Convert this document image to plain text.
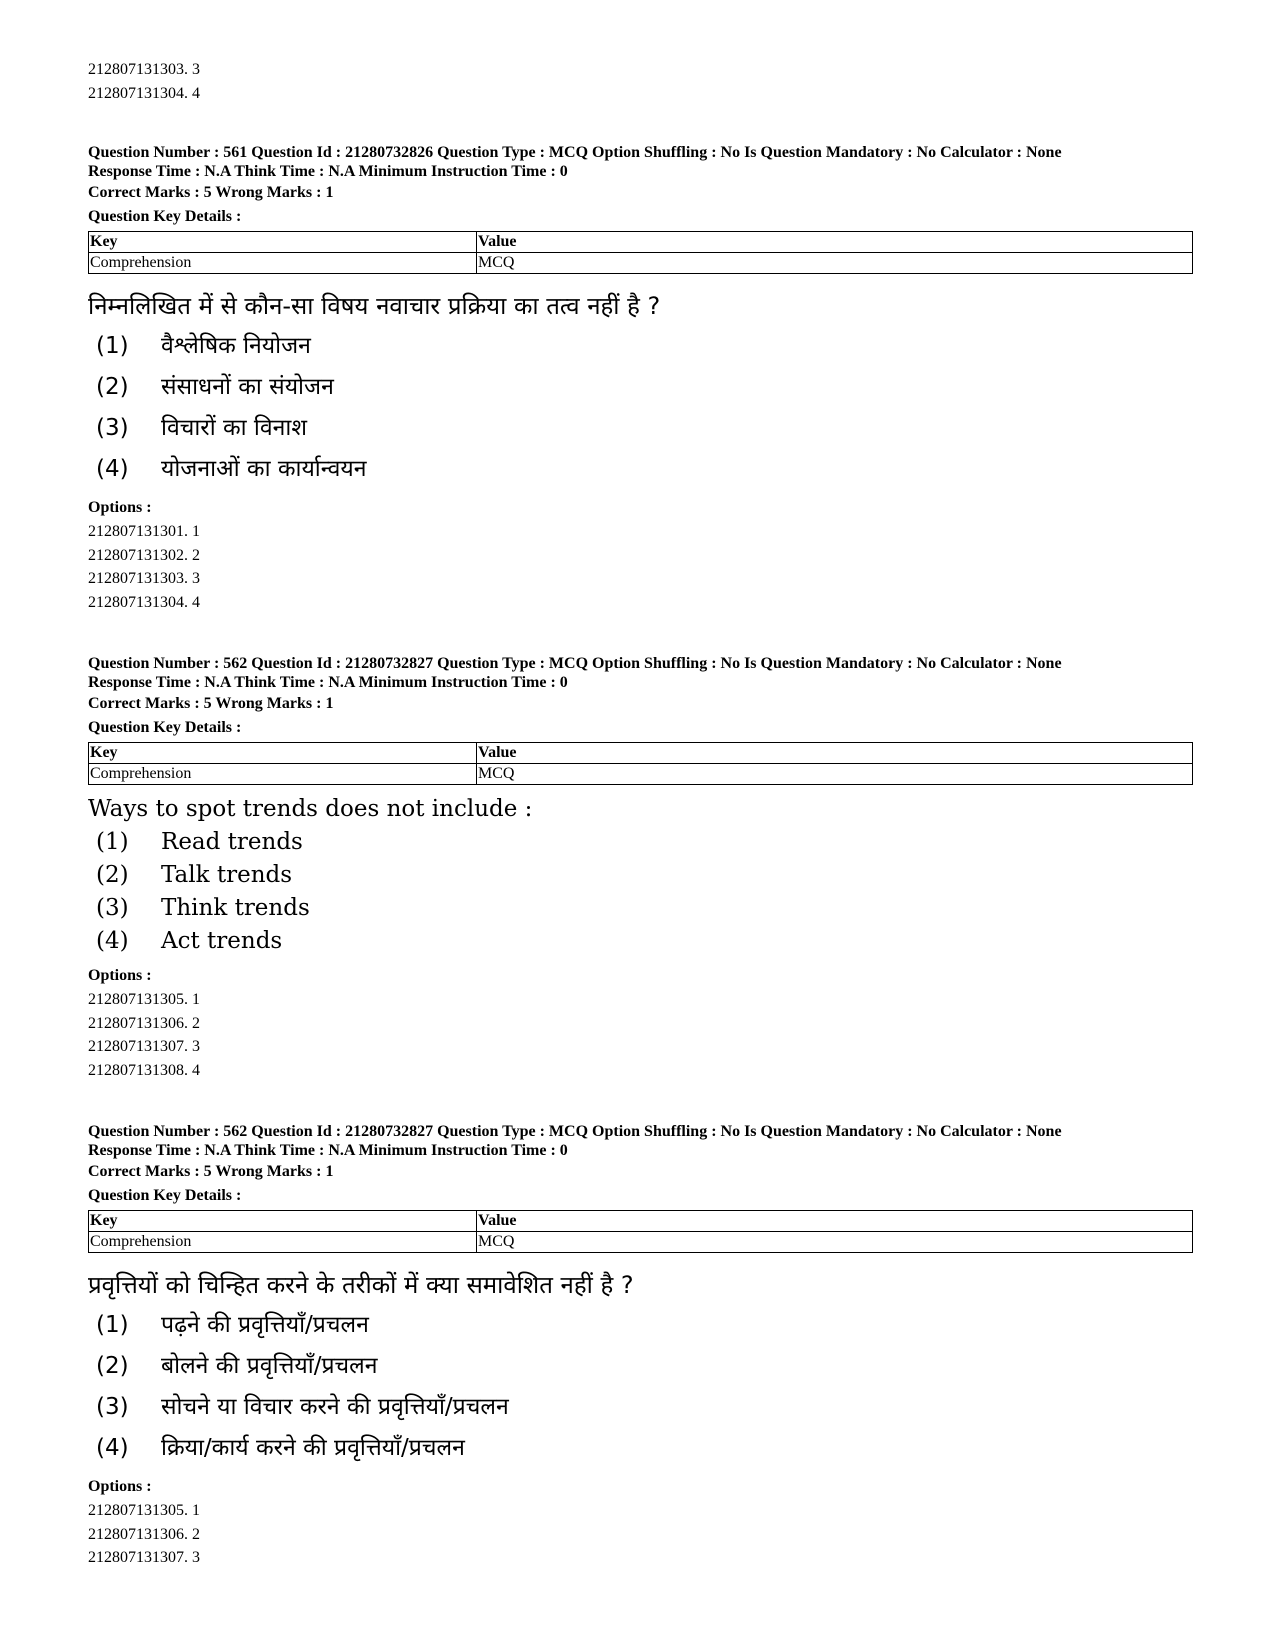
212807131303. 3
212807131304. 4
Question Number : 561 Question Id : 21280732826 Question Type : MCQ Option Shuffling : No Is Question Mandatory : No Calculator : None
Response Time : N.A Think Time : N.A Minimum Instruction Time : 0
Correct Marks : 5 Wrong Marks : 1
Question Key Details :
Key	Value
Comprehension	MCQ
निम्नलिखित में से कौन-सा विषय नवाचार प्रक्रिया का तत्व नहीं है ?
(1)	वैश्लेषिक नियोजन
(2)	संसाधनों का संयोजन
(3)	विचारों का विनाश
(4)	योजनाओं का कार्यान्वयन
Options :
212807131301. 1
212807131302. 2
212807131303. 3
212807131304. 4
Question Number : 562 Question Id : 21280732827 Question Type : MCQ Option Shuffling : No Is Question Mandatory : No Calculator : None
Response Time : N.A Think Time : N.A Minimum Instruction Time : 0
Correct Marks : 5 Wrong Marks : 1
Question Key Details :
Key	Value
Comprehension	MCQ
Ways to spot trends does not include :
(1)	Read trends
(2)	Talk trends
(3)	Think trends
(4)	Act trends
Options :
212807131305. 1
212807131306. 2
212807131307. 3
212807131308. 4
Question Number : 562 Question Id : 21280732827 Question Type : MCQ Option Shuffling : No Is Question Mandatory : No Calculator : None
Response Time : N.A Think Time : N.A Minimum Instruction Time : 0
Correct Marks : 5 Wrong Marks : 1
Question Key Details :
Key	Value
Comprehension	MCQ
प्रवृत्तियों को चिन्हित करने के तरीकों में क्या समावेशित नहीं है ?
(1)	पढ़ने की प्रवृत्तियाँ/प्रचलन
(2)	बोलने की प्रवृत्तियाँ/प्रचलन
(3)	सोचने या विचार करने की प्रवृत्तियाँ/प्रचलन
(4)	क्रिया/कार्य करने की प्रवृत्तियाँ/प्रचलन
Options :
212807131305. 1
212807131306. 2
212807131307. 3
